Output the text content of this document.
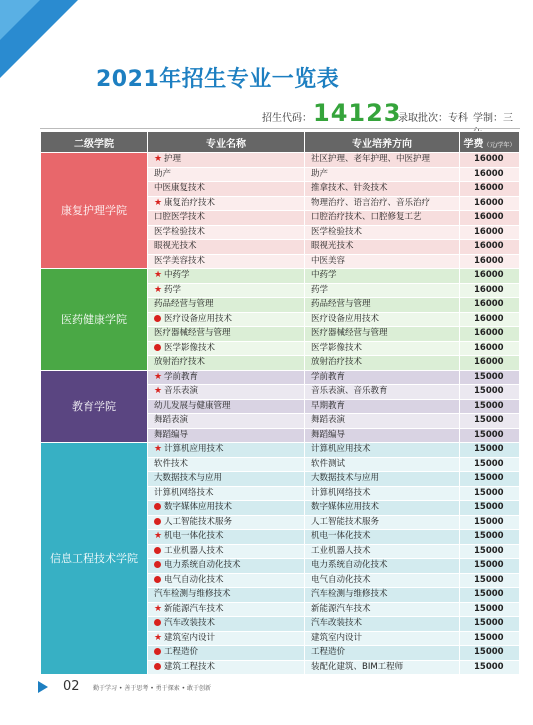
2021年招生专业一览表
招生代码： 14123
录取批次：专科 学制：三
二级学院	专业名称	专业培养方向	学费（元/学年）
康复护理学院	★ 护理	社区护理、老年护理、中医护理	16000
	助产	助产	16000
	中医康复技术	推拿技术、针灸技术	16000
	★ 康复治疗技术	物理治疗、语言治疗、音乐治疗	16000
	口腔医学技术	口腔治疗技术、口腔修复工艺	16000
	医学检验技术	医学检验技术	16000
	眼视光技术	眼视光技术	16000
	医学美容技术	中医美容	16000
医药健康学院	★ 中药学	中药学	16000
	★ 药学	药学	16000
	药品经营与管理	药品经营与管理	16000
	医疗设备应用技术	医疗设备应用技术	16000
	医疗器械经营与管理	医疗器械经营与管理	16000
	医学影像技术	医学影像技术	16000
	放射治疗技术	放射治疗技术	16000
教育学院	★ 学前教育	学前教育	15000
	★ 音乐表演	音乐表演、音乐教育	15000
	幼儿发展与健康管理	早期教育	15000
	舞蹈表演	舞蹈表演	15000
	舞蹈编导	舞蹈编导	15000
信息工程技术学院	★ 计算机应用技术	计算机应用技术	15000
	软件技术	软件测试	15000
	大数据技术与应用	大数据技术与应用	15000
	计算机网络技术	计算机网络技术	15000
	数字媒体应用技术	数字媒体应用技术	15000
	人工智能技术服务	人工智能技术服务	15000
	★ 机电一体化技术	机电一体化技术	15000
	工业机器人技术	工业机器人技术	15000
	电力系统自动化技术	电力系统自动化技术	15000
	电气自动化技术	电气自动化技术	15000
	汽车检测与维修技术	汽车检测与维修技术	15000
	★ 新能源汽车技术	新能源汽车技术	15000
	汽车改装技术	汽车改装技术	15000
	★ 建筑室内设计	建筑室内设计	15000
	工程造价	工程造价	15000
	建筑工程技术	装配化建筑、BIM工程师	15000
02 勤于学习 • 善于思考 • 勇于探索 • 敢于创新
